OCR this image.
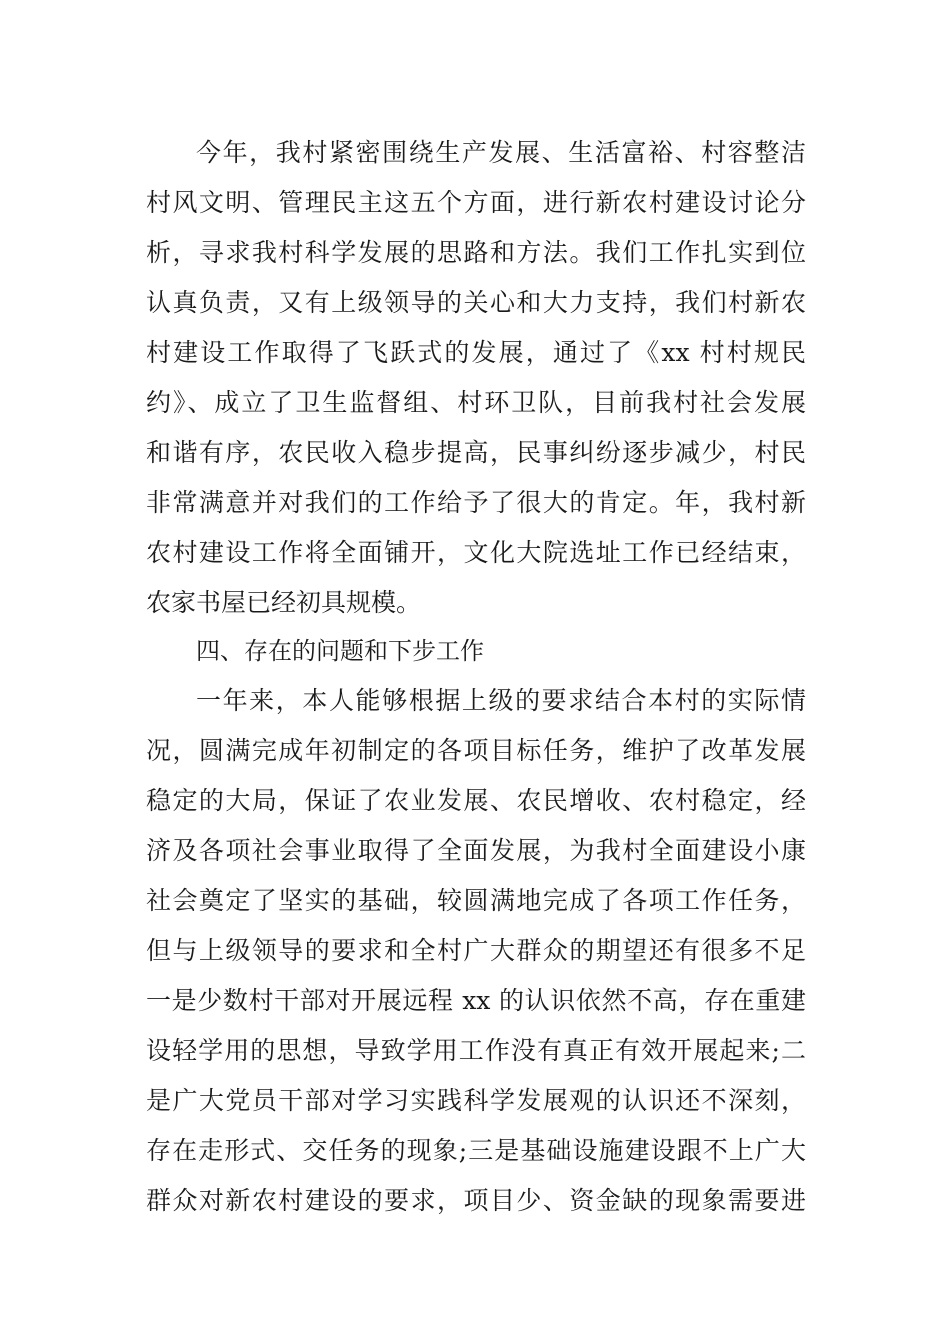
今年，我村紧密围绕生产发展、生活富裕、村容整洁
村风文明、管理民主这五个方面，进行新农村建设讨论分
析，寻求我村科学发展的思路和方法。我们工作扎实到位
认真负责，又有上级领导的关心和大力支持，我们村新农
村建设工作取得了飞跃式的发展，通过了《xx 村村规民
约》、成立了卫生监督组、村环卫队，目前我村社会发展
和谐有序，农民收入稳步提高，民事纠纷逐步减少，村民
非常满意并对我们的工作给予了很大的肯定。年，我村新
农村建设工作将全面铺开，文化大院选址工作已经结束，
农家书屋已经初具规模。
四、存在的问题和下步工作
一年来，本人能够根据上级的要求结合本村的实际情
况，圆满完成年初制定的各项目标任务，维护了改革发展
稳定的大局，保证了农业发展、农民增收、农村稳定，经
济及各项社会事业取得了全面发展，为我村全面建设小康
社会奠定了坚实的基础，较圆满地完成了各项工作任务，
但与上级领导的要求和全村广大群众的期望还有很多不足
一是少数村干部对开展远程 xx 的认识依然不高，存在重建
设轻学用的思想，导致学用工作没有真正有效开展起来;二
是广大党员干部对学习实践科学发展观的认识还不深刻，
存在走形式、交任务的现象;三是基础设施建设跟不上广大
群众对新农村建设的要求，项目少、资金缺的现象需要进
